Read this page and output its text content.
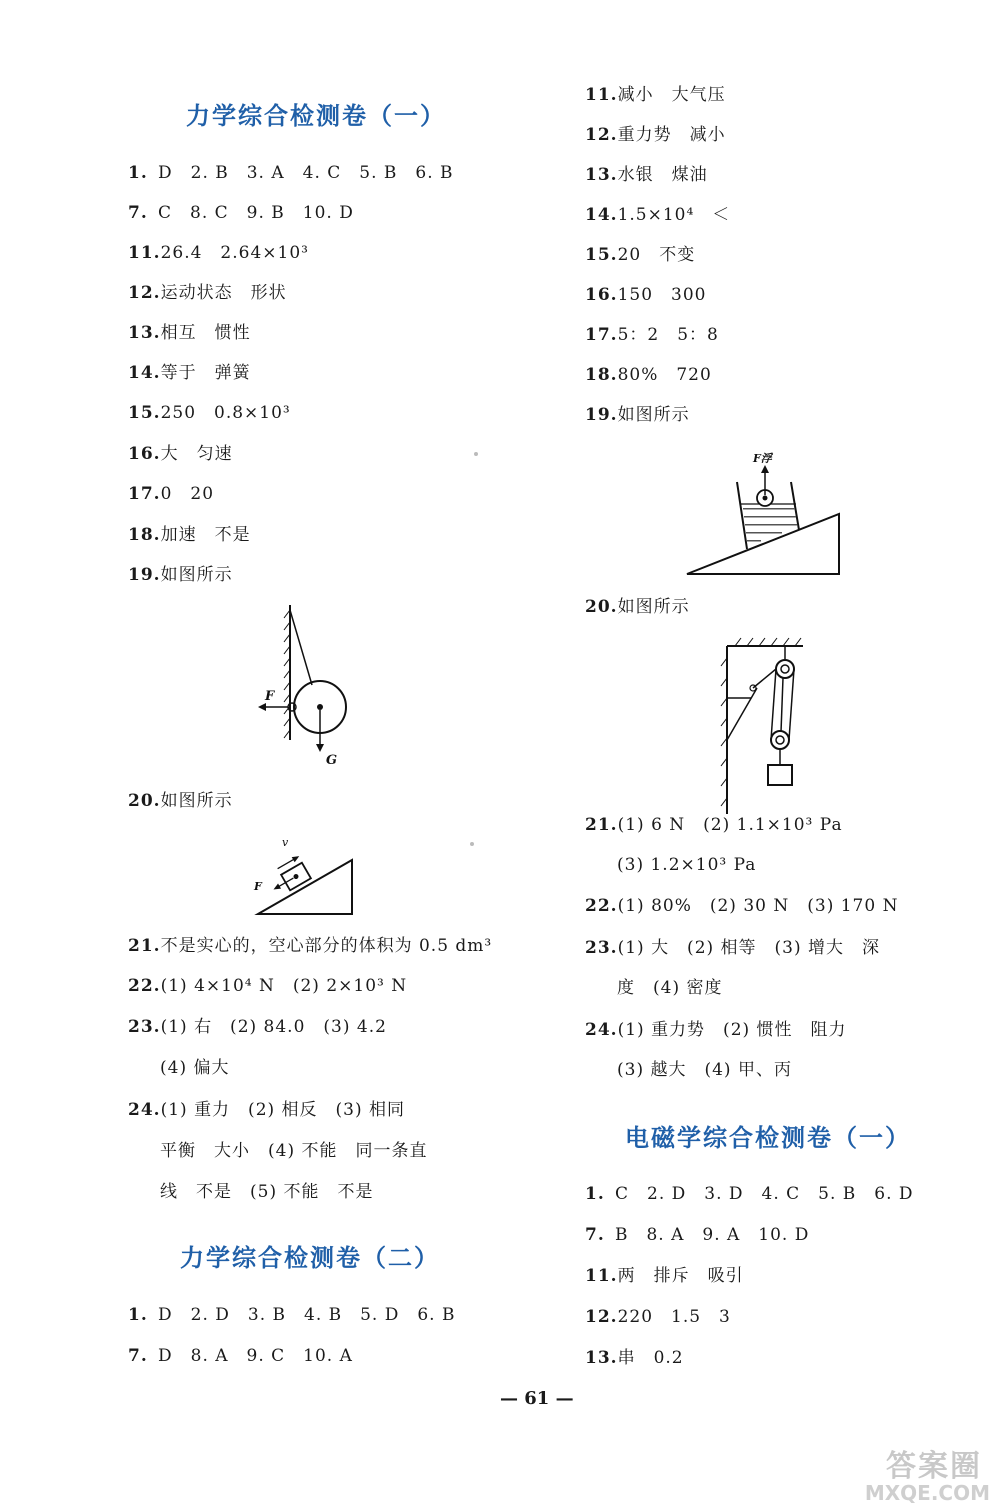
力学综合检测卷（一）
1. D　2. B　3. A　4. C　5. B　6. B
7. C　8. C　9. B　10. D
11.26.4　2.64×10³
12.运动状态　形状
13.相互　惯性
14.等于　弹簧
15.250　0.8×10³
16.大　匀速
17.0　20
18.加速　不是
19.如图所示
F
G
20.如图所示
v
F
21.不是实心的，空心部分的体积为 0.5 dm³
22.(1) 4×10⁴ N　(2) 2×10³ N
23.(1) 右　(2) 84.0　(3) 4.2
(4) 偏大
24.(1) 重力　(2) 相反　(3) 相同
平衡　大小　(4) 不能　同一条直
线　不是　(5) 不能　不是
力学综合检测卷（二）
1. D　2. D　3. B　4. B　5. D　6. B
7. D　8. A　9. C　10. A
11.减小　大气压
12.重力势　减小
13.水银　煤油
14.1.5×10⁴　＜
15.20　不变
16.150　300
17.5：2　5：8
18.80%　720
19.如图所示
F浮
20.如图所示
21.(1) 6 N　(2) 1.1×10³ Pa
(3) 1.2×10³ Pa
22.(1) 80%　(2) 30 N　(3) 170 N
23.(1) 大　(2) 相等　(3) 增大　深
度　(4) 密度
24.(1) 重力势　(2) 惯性　阻力
(3) 越大　(4) 甲、丙
电磁学综合检测卷（一）
1. C　2. D　3. D　4. C　5. B　6. D
7. B　8. A　9. A　10. D
11.两　排斥　吸引
12.220　1.5　3
13.串　0.2
— 61 —
答案圈
MXQE.COM
